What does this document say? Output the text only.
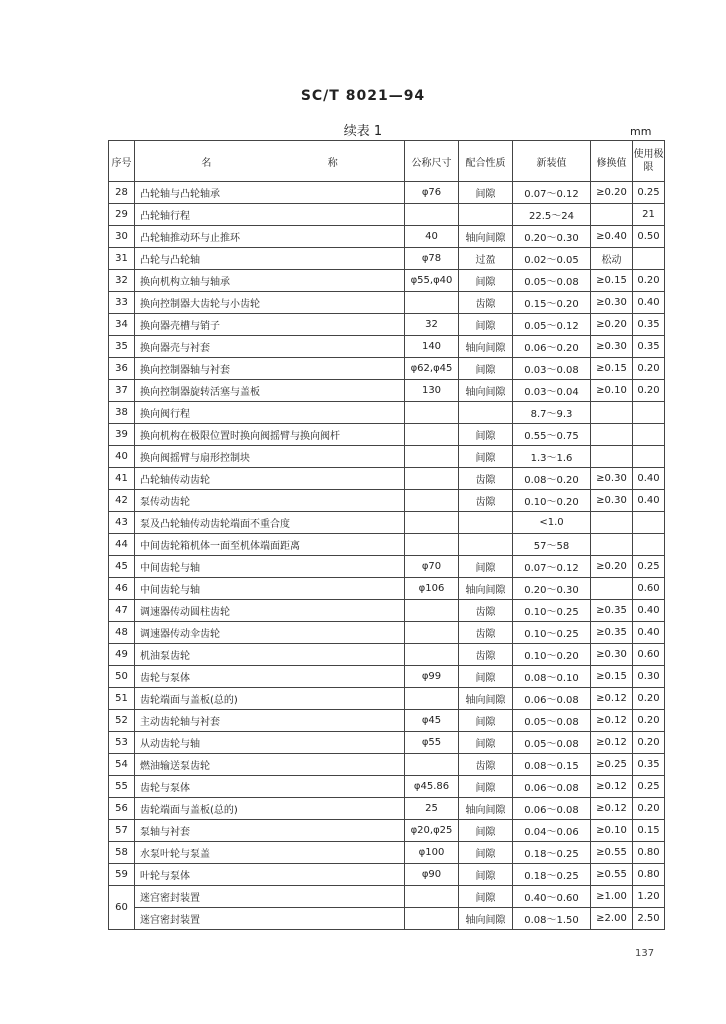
SC/T 8021—94
续表 1	mm
序号	名 称	公称尺寸	配合性质	新装值	修换值	使用极限
28	凸轮轴与凸轮轴承	φ76	间隙	0.07～0.12	≥0.20	0.25
29	凸轮轴行程			22.5～24		21
30	凸轮轴推动环与止推环	40	轴向间隙	0.20～0.30	≥0.40	0.50
31	凸轮与凸轮轴	φ78	过盈	0.02～0.05	松动	
32	换向机构立轴与轴承	φ55,φ40	间隙	0.05～0.08	≥0.15	0.20
33	换向控制器大齿轮与小齿轮		齿隙	0.15～0.20	≥0.30	0.40
34	换向器壳槽与销子	32	间隙	0.05～0.12	≥0.20	0.35
35	换向器壳与衬套	140	轴向间隙	0.06～0.20	≥0.30	0.35
36	换向控制器轴与衬套	φ62,φ45	间隙	0.03～0.08	≥0.15	0.20
37	换向控制器旋转活塞与盖板	130	轴向间隙	0.03～0.04	≥0.10	0.20
38	换向阀行程			8.7～9.3		
39	换向机构在极限位置时换向阀摇臂与换向阀杆		间隙	0.55～0.75		
40	换向阀摇臂与扇形控制块		间隙	1.3～1.6		
41	凸轮轴传动齿轮		齿隙	0.08～0.20	≥0.30	0.40
42	泵传动齿轮		齿隙	0.10～0.20	≥0.30	0.40
43	泵及凸轮轴传动齿轮端面不重合度			<1.0		
44	中间齿轮箱机体一面至机体端面距离			57～58		
45	中间齿轮与轴	φ70	间隙	0.07～0.12	≥0.20	0.25
46	中间齿轮与轴	φ106	轴向间隙	0.20～0.30		0.60
47	调速器传动圆柱齿轮		齿隙	0.10～0.25	≥0.35	0.40
48	调速器传动伞齿轮		齿隙	0.10～0.25	≥0.35	0.40
49	机油泵齿轮		齿隙	0.10～0.20	≥0.30	0.60
50	齿轮与泵体	φ99	间隙	0.08～0.10	≥0.15	0.30
51	齿轮端面与盖板(总的)		轴向间隙	0.06～0.08	≥0.12	0.20
52	主动齿轮轴与衬套	φ45	间隙	0.05～0.08	≥0.12	0.20
53	从动齿轮与轴	φ55	间隙	0.05～0.08	≥0.12	0.20
54	燃油输送泵齿轮		齿隙	0.08～0.15	≥0.25	0.35
55	齿轮与泵体	φ45.86	间隙	0.06～0.08	≥0.12	0.25
56	齿轮端面与盖板(总的)	25	轴向间隙	0.06～0.08	≥0.12	0.20
57	泵轴与衬套	φ20,φ25	间隙	0.04～0.06	≥0.10	0.15
58	水泵叶轮与泵盖	φ100	间隙	0.18～0.25	≥0.55	0.80
59	叶轮与泵体	φ90	间隙	0.18～0.25	≥0.55	0.80
60	迷宫密封装置		间隙	0.40～0.60	≥1.00	1.20
	迷宫密封装置		轴向间隙	0.08～1.50	≥2.00	2.50
137
